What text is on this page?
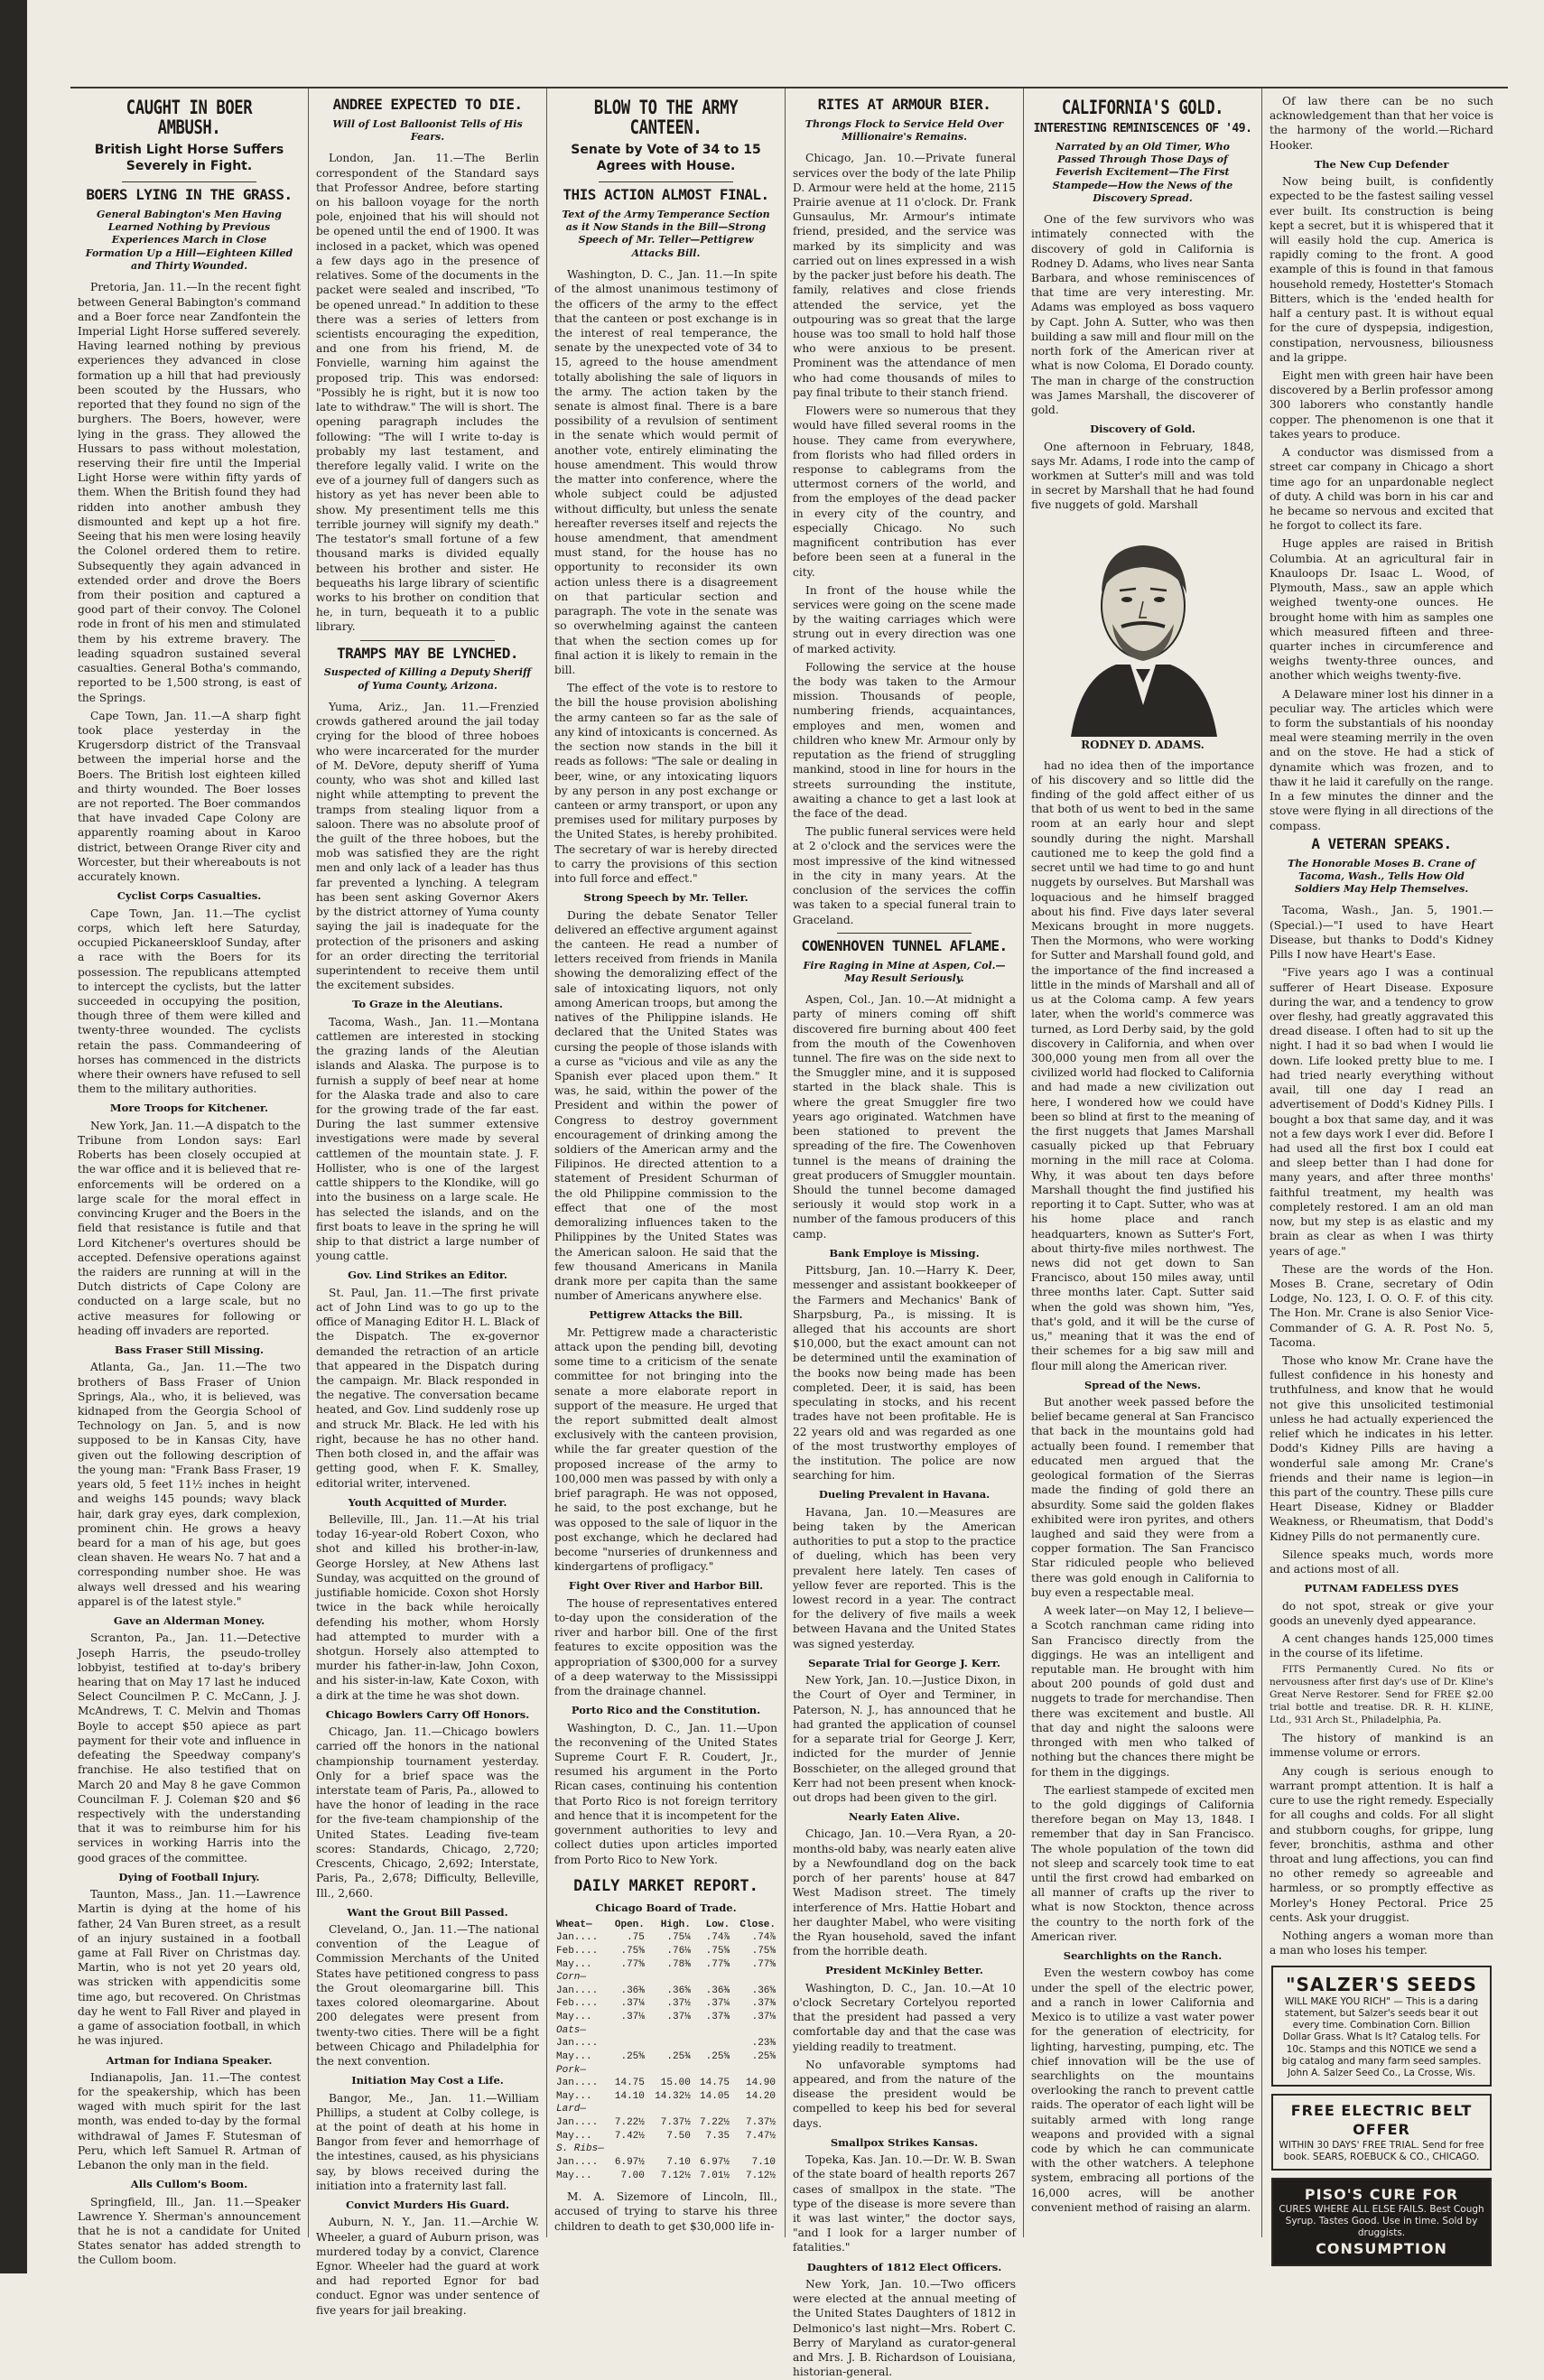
CAUGHT IN BOER AMBUSH.
British Light Horse Suffers Severely in Fight.
BOERS LYING IN THE GRASS.
General Babington's Men Having Learned Nothing by Previous Experiences March in Close Formation Up a Hill—Eighteen Killed and Thirty Wounded.

Pretoria, Jan. 11.—In the recent fight between General Babington's command and a Boer force near Zandfontein the Imperial Light Horse suffered severely. Having learned nothing by previous experiences they advanced in close formation up a hill that had previously been scouted by the Hussars, who reported that they found no sign of the burghers. The Boers, however, were lying in the grass. They allowed the Hussars to pass without molestation, reserving their fire until the Imperial Light Horse were within fifty yards of them. When the British found they had ridden into another ambush they dismounted and kept up a hot fire. Seeing that his men were losing heavily the Colonel ordered them to retire. Subsequently they again advanced in extended order and drove the Boers from their position and captured a good part of their convoy. The Colonel rode in front of his men and stimulated them by his extreme bravery. The leading squadron sustained several casualties. General Botha's commando, reported to be 1,500 strong, is east of the Springs.

Cape Town, Jan. 11.—A sharp fight took place yesterday in the Krugersdorp district of the Transvaal between the imperial horse and the Boers. The British lost eighteen killed and thirty wounded. The Boer losses are not reported. The Boer commandos that have invaded Cape Colony are apparently roaming about in Karoo district, between Orange River city and Worcester, but their whereabouts is not accurately known.

Cyclist Corps Casualties.

Cape Town, Jan. 11.—The cyclist corps, which left here Saturday, occupied Pickaneerskloof Sunday, after a race with the Boers for its possession. The republicans attempted to intercept the cyclists, but the latter succeeded in occupying the position, though three of them were killed and twenty-three wounded. The cyclists retain the pass. Commandeering of horses has commenced in the districts where their owners have refused to sell them to the military authorities.

More Troops for Kitchener.

New York, Jan. 11.—A dispatch to the Tribune from London says: Earl Roberts has been closely occupied at the war office and it is believed that re-enforcements will be ordered on a large scale for the moral effect in convincing Kruger and the Boers in the field that resistance is futile and that Lord Kitchener's overtures should be accepted. Defensive operations against the raiders are running at will in the Dutch districts of Cape Colony are conducted on a large scale, but no active measures for following or heading off invaders are reported.

Bass Fraser Still Missing.

Atlanta, Ga., Jan. 11.—The two brothers of Bass Fraser of Union Springs, Ala., who, it is believed, was kidnaped from the Georgia School of Technology on Jan. 5, and is now supposed to be in Kansas City, have given out the following description of the young man: "Frank Bass Fraser, 19 years old, 5 feet 11½ inches in height and weighs 145 pounds; wavy black hair, dark gray eyes, dark complexion, prominent chin. He grows a heavy beard for a man of his age, but goes clean shaven. He wears No. 7 hat and a corresponding number shoe. He was always well dressed and his wearing apparel is of the latest style."

Gave an Alderman Money.

Scranton, Pa., Jan. 11.—Detective Joseph Harris, the pseudo-trolley lobbyist, testified at to-day's bribery hearing that on May 17 last he induced Select Councilmen P. C. McCann, J. J. McAndrews, T. C. Melvin and Thomas Boyle to accept $50 apiece as part payment for their vote and influence in defeating the Speedway company's franchise. He also testified that on March 20 and May 8 he gave Common Councilman F. J. Coleman $20 and $6 respectively with the understanding that it was to reimburse him for his services in working Harris into the good graces of the committee.

Dying of Football Injury.

Taunton, Mass., Jan. 11.—Lawrence Martin is dying at the home of his father, 24 Van Buren street, as a result of an injury sustained in a football game at Fall River on Christmas day. Martin, who is not yet 20 years old, was stricken with appendicitis some time ago, but recovered. On Christmas day he went to Fall River and played in a game of association football, in which he was injured.

Artman for Indiana Speaker.

Indianapolis, Jan. 11.—The contest for the speakership, which has been waged with much spirit for the last month, was ended to-day by the formal withdrawal of James F. Stutesman of Peru, which left Samuel R. Artman of Lebanon the only man in the field.

Alls Cullom's Boom.

Springfield, Ill., Jan. 11.—Speaker Lawrence Y. Sherman's announcement that he is not a candidate for United States senator has added strength to the Cullom boom.

ANDREE EXPECTED TO DIE.
Will of Lost Balloonist Tells of His Fears.

London, Jan. 11.—The Berlin correspondent of the Standard says that Professor Andree, before starting on his balloon voyage for the north pole, enjoined that his will should not be opened until the end of 1900. It was inclosed in a packet, which was opened a few days ago in the presence of relatives. Some of the documents in the packet were sealed and inscribed, "To be opened unread." In addition to these there was a series of letters from scientists encouraging the expedition, and one from his friend, M. de Fonvielle, warning him against the proposed trip. This was endorsed: "Possibly he is right, but it is now too late to withdraw." The will is short. The opening paragraph includes the following: "The will I write to-day is probably my last testament, and therefore legally valid. I write on the eve of a journey full of dangers such as history as yet has never been able to show. My presentiment tells me this terrible journey will signify my death." The testator's small fortune of a few thousand marks is divided equally between his brother and sister. He bequeaths his large library of scientific works to his brother on condition that he, in turn, bequeath it to a public library.

TRAMPS MAY BE LYNCHED.
Suspected of Killing a Deputy Sheriff of Yuma County, Arizona.

Yuma, Ariz., Jan. 11.—Frenzied crowds gathered around the jail today crying for the blood of three hoboes who were incarcerated for the murder of M. DeVore, deputy sheriff of Yuma county, who was shot and killed last night while attempting to prevent the tramps from stealing liquor from a saloon. There was no absolute proof of the guilt of the three hoboes, but the mob was satisfied they are the right men and only lack of a leader has thus far prevented a lynching. A telegram has been sent asking Governor Akers by the district attorney of Yuma county saying the jail is inadequate for the protection of the prisoners and asking for an order directing the territorial superintendent to receive them until the excitement subsides.

To Graze in the Aleutians.

Tacoma, Wash., Jan. 11.—Montana cattlemen are interested in stocking the grazing lands of the Aleutian islands and Alaska. The purpose is to furnish a supply of beef near at home for the Alaska trade and also to care for the growing trade of the far east. During the last summer extensive investigations were made by several cattlemen of the mountain state. J. F. Hollister, who is one of the largest cattle shippers to the Klondike, will go into the business on a large scale. He has selected the islands, and on the first boats to leave in the spring he will ship to that district a large number of young cattle.

Gov. Lind Strikes an Editor.

St. Paul, Jan. 11.—The first private act of John Lind was to go up to the office of Managing Editor H. L. Black of the Dispatch. The ex-governor demanded the retraction of an article that appeared in the Dispatch during the campaign. Mr. Black responded in the negative. The conversation became heated, and Gov. Lind suddenly rose up and struck Mr. Black. He led with his right, because he has no other hand. Then both closed in, and the affair was getting good, when F. K. Smalley, editorial writer, intervened.

Youth Acquitted of Murder.

Belleville, Ill., Jan. 11.—At his trial today 16-year-old Robert Coxon, who shot and killed his brother-in-law, George Horsley, at New Athens last Sunday, was acquitted on the ground of justifiable homicide. Coxon shot Horsly twice in the back while heroically defending his mother, whom Horsly had attempted to murder with a shotgun. Horsely also attempted to murder his father-in-law, John Coxon, and his sister-in-law, Kate Coxon, with a dirk at the time he was shot down.

Chicago Bowlers Carry Off Honors.

Chicago, Jan. 11.—Chicago bowlers carried off the honors in the national championship tournament yesterday. Only for a brief space was the interstate team of Paris, Pa., allowed to have the honor of leading in the race for the five-team championship of the United States. Leading five-team scores: Standards, Chicago, 2,720; Crescents, Chicago, 2,692; Interstate, Paris, Pa., 2,678; Difficulty, Belleville, Ill., 2,660.

Want the Grout Bill Passed.

Cleveland, O., Jan. 11.—The national convention of the League of Commission Merchants of the United States have petitioned congress to pass the Grout oleomargarine bill. This taxes colored oleomargarine. About 200 delegates were present from twenty-two cities. There will be a fight between Chicago and Philadelphia for the next convention.

Initiation May Cost a Life.

Bangor, Me., Jan. 11.—William Phillips, a student at Colby college, is at the point of death at his home in Bangor from fever and hemorrhage of the intestines, caused, as his physicians say, by blows received during the initiation into a fraternity last fall.

Convict Murders His Guard.

Auburn, N. Y., Jan. 11.—Archie W. Wheeler, a guard of Auburn prison, was murdered today by a convict, Clarence Egnor. Wheeler had the guard at work and had reported Egnor for bad conduct. Egnor was under sentence of five years for jail breaking.

BLOW TO THE ARMY CANTEEN.
Senate by Vote of 34 to 15 Agrees with House.
THIS ACTION ALMOST FINAL.
Text of the Army Temperance Section as it Now Stands in the Bill—Strong Speech of Mr. Teller—Pettigrew Attacks Bill.

Washington, D. C., Jan. 11.—In spite of the almost unanimous testimony of the officers of the army to the effect that the canteen or post exchange is in the interest of real temperance, the senate by the unexpected vote of 34 to 15, agreed to the house amendment totally abolishing the sale of liquors in the army. The action taken by the senate is almost final. There is a bare possibility of a revulsion of sentiment in the senate which would permit of another vote, entirely eliminating the house amendment. This would throw the matter into conference, where the whole subject could be adjusted without difficulty, but unless the senate hereafter reverses itself and rejects the house amendment, that amendment must stand, for the house has no opportunity to reconsider its own action unless there is a disagreement on that particular section and paragraph. The vote in the senate was so overwhelming against the canteen that when the section comes up for final action it is likely to remain in the bill.

The effect of the vote is to restore to the bill the house provision abolishing the army canteen so far as the sale of any kind of intoxicants is concerned. As the section now stands in the bill it reads as follows: "The sale or dealing in beer, wine, or any intoxicating liquors by any person in any post exchange or canteen or army transport, or upon any premises used for military purposes by the United States, is hereby prohibited. The secretary of war is hereby directed to carry the provisions of this section into full force and effect."

Strong Speech by Mr. Teller.

During the debate Senator Teller delivered an effective argument against the canteen. He read a number of letters received from friends in Manila showing the demoralizing effect of the sale of intoxicating liquors, not only among American troops, but among the natives of the Philippine islands. He declared that the United States was cursing the people of those islands with a curse as "vicious and vile as any the Spanish ever placed upon them." It was, he said, within the power of the President and within the power of Congress to destroy government encouragement of drinking among the soldiers of the American army and the Filipinos. He directed attention to a statement of President Schurman of the old Philippine commission to the effect that one of the most demoralizing influences taken to the Philippines by the United States was the American saloon. He said that the few thousand Americans in Manila drank more per capita than the same number of Americans anywhere else.

Pettigrew Attacks the Bill.

Mr. Pettigrew made a characteristic attack upon the pending bill, devoting some time to a criticism of the senate committee for not bringing into the senate a more elaborate report in support of the measure. He urged that the report submitted dealt almost exclusively with the canteen provision, while the far greater question of the proposed increase of the army to 100,000 men was passed by with only a brief paragraph. He was not opposed, he said, to the post exchange, but he was opposed to the sale of liquor in the post exchange, which he declared had become "nurseries of drunkenness and kindergartens of profligacy."

Fight Over River and Harbor Bill.

The house of representatives entered to-day upon the consideration of the river and harbor bill. One of the first features to excite opposition was the appropriation of $300,000 for a survey of a deep waterway to the Mississippi from the drainage channel.

Porto Rico and the Constitution.

Washington, D. C., Jan. 11.—Upon the reconvening of the United States Supreme Court F. R. Coudert, Jr., resumed his argument in the Porto Rican cases, continuing his contention that Porto Rico is not foreign territory and hence that it is incompetent for the government authorities to levy and collect duties upon articles imported from Porto Rico to New York.

DAILY MARKET REPORT.
Chicago Board of Trade.
Wheat—	Open.	High.	Low.	Close.
Jan....	.75	.75¼	.74⅞	.74⅞
Feb....	.75⅝	.76⅛	.75⅝	.75⅝
May...	.77⅝	.78⅜	.77⅝	.77⅝
Corn—				
Jan....	.36⅜	.36⅝	.36⅜	.36⅝
Feb....	.37¼	.37½	.37¼	.37⅜
May...	.37⅛	.37⅛	.37⅜	.37⅛
Oats—				
Jan....				.23⅜
May...	.25⅝	.25¾	.25⅝	.25⅝
Pork—				
Jan....	14.75	15.00	14.75	14.90
May...	14.10	14.32½	14.05	14.20
Lard—				
Jan....	7.22½	7.37½	7.22½	7.37½
May...	7.42½	7.50	7.35	7.47½
S. Ribs—				
Jan....	6.97½	7.10	6.97½	7.10
May...	7.00	7.12½	7.01½	7.12½

M. A. Sizemore of Lincoln, Ill., accused of trying to starve his three children to death to get $30,000 life in-

RITES AT ARMOUR BIER.
Throngs Flock to Service Held Over Millionaire's Remains.

Chicago, Jan. 10.—Private funeral services over the body of the late Philip D. Armour were held at the home, 2115 Prairie avenue at 11 o'clock. Dr. Frank Gunsaulus, Mr. Armour's intimate friend, presided, and the service was marked by its simplicity and was carried out on lines expressed in a wish by the packer just before his death. The family, relatives and close friends attended the service, yet the outpouring was so great that the large house was too small to hold half those who were anxious to be present. Prominent was the attendance of men who had come thousands of miles to pay final tribute to their stanch friend.

Flowers were so numerous that they would have filled several rooms in the house. They came from everywhere, from florists who had filled orders in response to cablegrams from the uttermost corners of the world, and from the employes of the dead packer in every city of the country, and especially Chicago. No such magnificent contribution has ever before been seen at a funeral in the city.

In front of the house while the services were going on the scene made by the waiting carriages which were strung out in every direction was one of marked activity.

Following the service at the house the body was taken to the Armour mission. Thousands of people, numbering friends, acquaintances, employes and men, women and children who knew Mr. Armour only by reputation as the friend of struggling mankind, stood in line for hours in the streets surrounding the institute, awaiting a chance to get a last look at the face of the dead.

The public funeral services were held at 2 o'clock and the services were the most impressive of the kind witnessed in the city in many years. At the conclusion of the services the coffin was taken to a special funeral train to Graceland.

COWENHOVEN TUNNEL AFLAME.
Fire Raging in Mine at Aspen, Col.—May Result Seriously.

Aspen, Col., Jan. 10.—At midnight a party of miners coming off shift discovered fire burning about 400 feet from the mouth of the Cowenhoven tunnel. The fire was on the side next to the Smuggler mine, and it is supposed started in the black shale. This is where the great Smuggler fire two years ago originated. Watchmen have been stationed to prevent the spreading of the fire. The Cowenhoven tunnel is the means of draining the great producers of Smuggler mountain. Should the tunnel become damaged seriously it would stop work in a number of the famous producers of this camp.

Bank Employe is Missing.

Pittsburg, Jan. 10.—Harry K. Deer, messenger and assistant bookkeeper of the Farmers and Mechanics' Bank of Sharpsburg, Pa., is missing. It is alleged that his accounts are short $10,000, but the exact amount can not be determined until the examination of the books now being made has been completed. Deer, it is said, has been speculating in stocks, and his recent trades have not been profitable. He is 22 years old and was regarded as one of the most trustworthy employes of the institution. The police are now searching for him.

Dueling Prevalent in Havana.

Havana, Jan. 10.—Measures are being taken by the American authorities to put a stop to the practice of dueling, which has been very prevalent here lately. Ten cases of yellow fever are reported. This is the lowest record in a year. The contract for the delivery of five mails a week between Havana and the United States was signed yesterday.

Separate Trial for George J. Kerr.

New York, Jan. 10.—Justice Dixon, in the Court of Oyer and Terminer, in Paterson, N. J., has announced that he had granted the application of counsel for a separate trial for George J. Kerr, indicted for the murder of Jennie Bosschieter, on the alleged ground that Kerr had not been present when knock-out drops had been given to the girl.

Nearly Eaten Alive.

Chicago, Jan. 10.—Vera Ryan, a 20-months-old baby, was nearly eaten alive by a Newfoundland dog on the back porch of her parents' house at 847 West Madison street. The timely interference of Mrs. Hattie Hobart and her daughter Mabel, who were visiting the Ryan household, saved the infant from the horrible death.

President McKinley Better.

Washington, D. C., Jan. 10.—At 10 o'clock Secretary Cortelyou reported that the president had passed a very comfortable day and that the case was yielding readily to treatment.

No unfavorable symptoms had appeared, and from the nature of the disease the president would be compelled to keep his bed for several days.

Smallpox Strikes Kansas.

Topeka, Kas. Jan. 10.—Dr. W. B. Swan of the state board of health reports 267 cases of smallpox in the state. "The type of the disease is more severe than it was last winter," the doctor says, "and I look for a larger number of fatalities."

Daughters of 1812 Elect Officers.

New York, Jan. 10.—Two officers were elected at the annual meeting of the United States Daughters of 1812 in Delmonico's last night—Mrs. Robert C. Berry of Maryland as curator-general and Mrs. J. B. Richardson of Louisiana, historian-general.

CALIFORNIA'S GOLD.
INTERESTING REMINISCENCES OF '49.
Narrated by an Old Timer, Who Passed Through Those Days of Feverish Excitement—The First Stampede—How the News of the Discovery Spread.

One of the few survivors who was intimately connected with the discovery of gold in California is Rodney D. Adams, who lives near Santa Barbara, and whose reminiscences of that time are very interesting. Mr. Adams was employed as boss vaquero by Capt. John A. Sutter, who was then building a saw mill and flour mill on the north fork of the American river at what is now Coloma, El Dorado county. The man in charge of the construction was James Marshall, the discoverer of gold.

Discovery of Gold.

One afternoon in February, 1848, says Mr. Adams, I rode into the camp of workmen at Sutter's mill and was told in secret by Marshall that he had found five nuggets of gold. Marshall

RODNEY D. ADAMS.

had no idea then of the importance of his discovery and so little did the finding of the gold affect either of us that both of us went to bed in the same room at an early hour and slept soundly during the night. Marshall cautioned me to keep the gold find a secret until we had time to go and hunt nuggets by ourselves. But Marshall was loquacious and he himself bragged about his find. Five days later several Mexicans brought in more nuggets. Then the Mormons, who were working for Sutter and Marshall found gold, and the importance of the find increased a little in the minds of Marshall and all of us at the Coloma camp. A few years later, when the world's commerce was turned, as Lord Derby said, by the gold discovery in California, and when over 300,000 young men from all over the civilized world had flocked to California and had made a new civilization out here, I wondered how we could have been so blind at first to the meaning of the first nuggets that James Marshall casually picked up that February morning in the mill race at Coloma. Why, it was about ten days before Marshall thought the find justified his reporting it to Capt. Sutter, who was at his home place and ranch headquarters, known as Sutter's Fort, about thirty-five miles northwest. The news did not get down to San Francisco, about 150 miles away, until three months later. Capt. Sutter said when the gold was shown him, "Yes, that's gold, and it will be the curse of us," meaning that it was the end of their schemes for a big saw mill and flour mill along the American river.

Spread of the News.

But another week passed before the belief became general at San Francisco that back in the mountains gold had actually been found. I remember that educated men argued that the geological formation of the Sierras made the finding of gold there an absurdity. Some said the golden flakes exhibited were iron pyrites, and others laughed and said they were from a copper formation. The San Francisco Star ridiculed people who believed there was gold enough in California to buy even a respectable meal.

A week later—on May 12, I believe—a Scotch ranchman came riding into San Francisco directly from the diggings. He was an intelligent and reputable man. He brought with him about 200 pounds of gold dust and nuggets to trade for merchandise. Then there was excitement and bustle. All that day and night the saloons were thronged with men who talked of nothing but the chances there might be for them in the diggings.

The earliest stampede of excited men to the gold diggings of California therefore began on May 13, 1848. I remember that day in San Francisco. The whole population of the town did not sleep and scarcely took time to eat until the first crowd had embarked on all manner of crafts up the river to what is now Stockton, thence across the country to the north fork of the American river.

Searchlights on the Ranch.

Even the western cowboy has come under the spell of the electric power, and a ranch in lower California and Mexico is to utilize a vast water power for the generation of electricity, for lighting, harvesting, pumping, etc. The chief innovation will be the use of searchlights on the mountains overlooking the ranch to prevent cattle raids. The operator of each light will be suitably armed with long range weapons and provided with a signal code by which he can communicate with the other watchers. A telephone system, embracing all portions of the 16,000 acres, will be another convenient method of raising an alarm.

Of law there can be no such acknowledgement than that her voice is the harmony of the world.—Richard Hooker.

The New Cup Defender

Now being built, is confidently expected to be the fastest sailing vessel ever built. Its construction is being kept a secret, but it is whispered that it will easily hold the cup. America is rapidly coming to the front. A good example of this is found in that famous household remedy, Hostetter's Stomach Bitters, which is the 'ended health for half a century past. It is without equal for the cure of dyspepsia, indigestion, constipation, nervousness, biliousness and la grippe.

Eight men with green hair have been discovered by a Berlin professor among 300 laborers who constantly handle copper. The phenomenon is one that it takes years to produce.

A conductor was dismissed from a street car company in Chicago a short time ago for an unpardonable neglect of duty. A child was born in his car and he became so nervous and excited that he forgot to collect its fare.

Huge apples are raised in British Columbia. At an agricultural fair in Knauloops Dr. Isaac L. Wood, of Plymouth, Mass., saw an apple which weighed twenty-one ounces. He brought home with him as samples one which measured fifteen and three-quarter inches in circumference and weighs twenty-three ounces, and another which weighs twenty-five.

A Delaware miner lost his dinner in a peculiar way. The articles which were to form the substantials of his noonday meal were steaming merrily in the oven and on the stove. He had a stick of dynamite which was frozen, and to thaw it he laid it carefully on the range. In a few minutes the dinner and the stove were flying in all directions of the compass.

A VETERAN SPEAKS.
The Honorable Moses B. Crane of Tacoma, Wash., Tells How Old Soldiers May Help Themselves.

Tacoma, Wash., Jan. 5, 1901.—(Special.)—"I used to have Heart Disease, but thanks to Dodd's Kidney Pills I now have Heart's Ease.

"Five years ago I was a continual sufferer of Heart Disease. Exposure during the war, and a tendency to grow over fleshy, had greatly aggravated this dread disease. I often had to sit up the night. I had it so bad when I would lie down. Life looked pretty blue to me. I had tried nearly everything without avail, till one day I read an advertisement of Dodd's Kidney Pills. I bought a box that same day, and it was not a few days work I ever did. Before I had used all the first box I could eat and sleep better than I had done for many years, and after three months' faithful treatment, my health was completely restored. I am an old man now, but my step is as elastic and my brain as clear as when I was thirty years of age."

These are the words of the Hon. Moses B. Crane, secretary of Odin Lodge, No. 123, I. O. O. F. of this city. The Hon. Mr. Crane is also Senior Vice-Commander of G. A. R. Post No. 5, Tacoma.

Those who know Mr. Crane have the fullest confidence in his honesty and truthfulness, and know that he would not give this unsolicited testimonial unless he had actually experienced the relief which he indicates in his letter. Dodd's Kidney Pills are having a wonderful sale among Mr. Crane's friends and their name is legion—in this part of the country. These pills cure Heart Disease, Kidney or Bladder Weakness, or Rheumatism, that Dodd's Kidney Pills do not permanently cure.

Silence speaks much, words more and actions most of all.

PUTNAM FADELESS DYES

do not spot, streak or give your goods an unevenly dyed appearance.

A cent changes hands 125,000 times in the course of its lifetime.

FITS Permanently Cured. No fits or nervousness after first day's use of Dr. Kline's Great Nerve Restorer. Send for FREE $2.00 trial bottle and treatise. DR. R. H. KLINE, Ltd., 931 Arch St., Philadelphia, Pa.

The history of mankind is an immense volume or errors.

Any cough is serious enough to warrant prompt attention. It is half a cure to use the right remedy. Especially for all coughs and colds. For all slight and stubborn coughs, for grippe, lung fever, bronchitis, asthma and other throat and lung affections, you can find no other remedy so agreeable and harmless, or so promptly effective as Morley's Honey Pectoral. Price 25 cents. Ask your druggist.

Nothing angers a woman more than a man who loses his temper.

"SALZER'S SEEDS
WILL MAKE YOU RICH" — This is a daring statement, but Salzer's seeds bear it out every time. Combination Corn. Billion Dollar Grass. What Is It? Catalog tells. For 10c. Stamps and this NOTICE we send a big catalog and many farm seed samples. John A. Salzer Seed Co., La Crosse, Wis.
FREE ELECTRIC BELT OFFER
WITHIN 30 DAYS' FREE TRIAL. Send for free book. SEARS, ROEBUCK & CO., CHICAGO.
PISO'S CURE FOR
CURES WHERE ALL ELSE FAILS. Best Cough Syrup. Tastes Good. Use in time. Sold by druggists.
CONSUMPTION
